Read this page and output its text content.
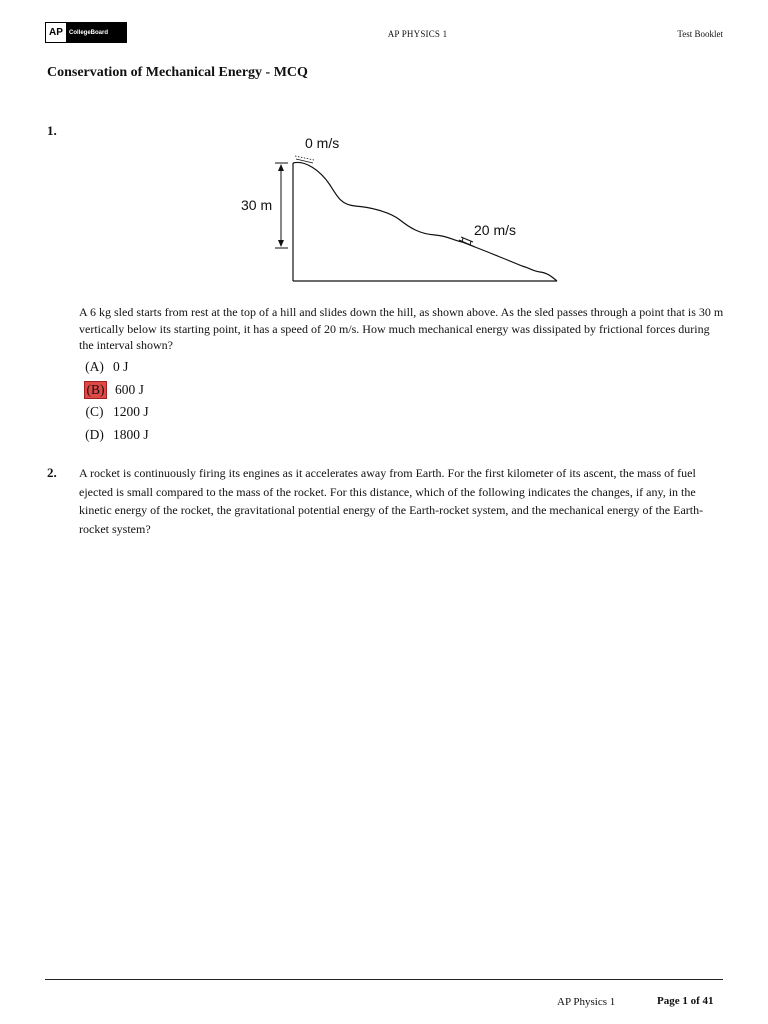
AP	CollegeBoard	AP PHYSICS 1	Test Booklet
Conservation of Mechanical Energy - MCQ
1.
0 m/s
30 m
20 m/s
A 6 kg sled starts from rest at the top of a hill and slides down the hill, as shown above. As the sled passes through a point that is 30 m vertically below its starting point, it has a speed of 20 m/s. How much mechanical energy was dissipated by frictional forces during the interval shown?
(A) 0 J
(B) 600 J
(C) 1200 J
(D) 1800 J
2. A rocket is continuously firing its engines as it accelerates away from Earth. For the first kilometer of its ascent, the mass of fuel ejected is small compared to the mass of the rocket. For this distance, which of the following indicates the changes, if any, in the kinetic energy of the rocket, the gravitational potential energy of the Earth-rocket system, and the mechanical energy of the Earth-rocket system?
AP Physics 1	Page 1 of 41
